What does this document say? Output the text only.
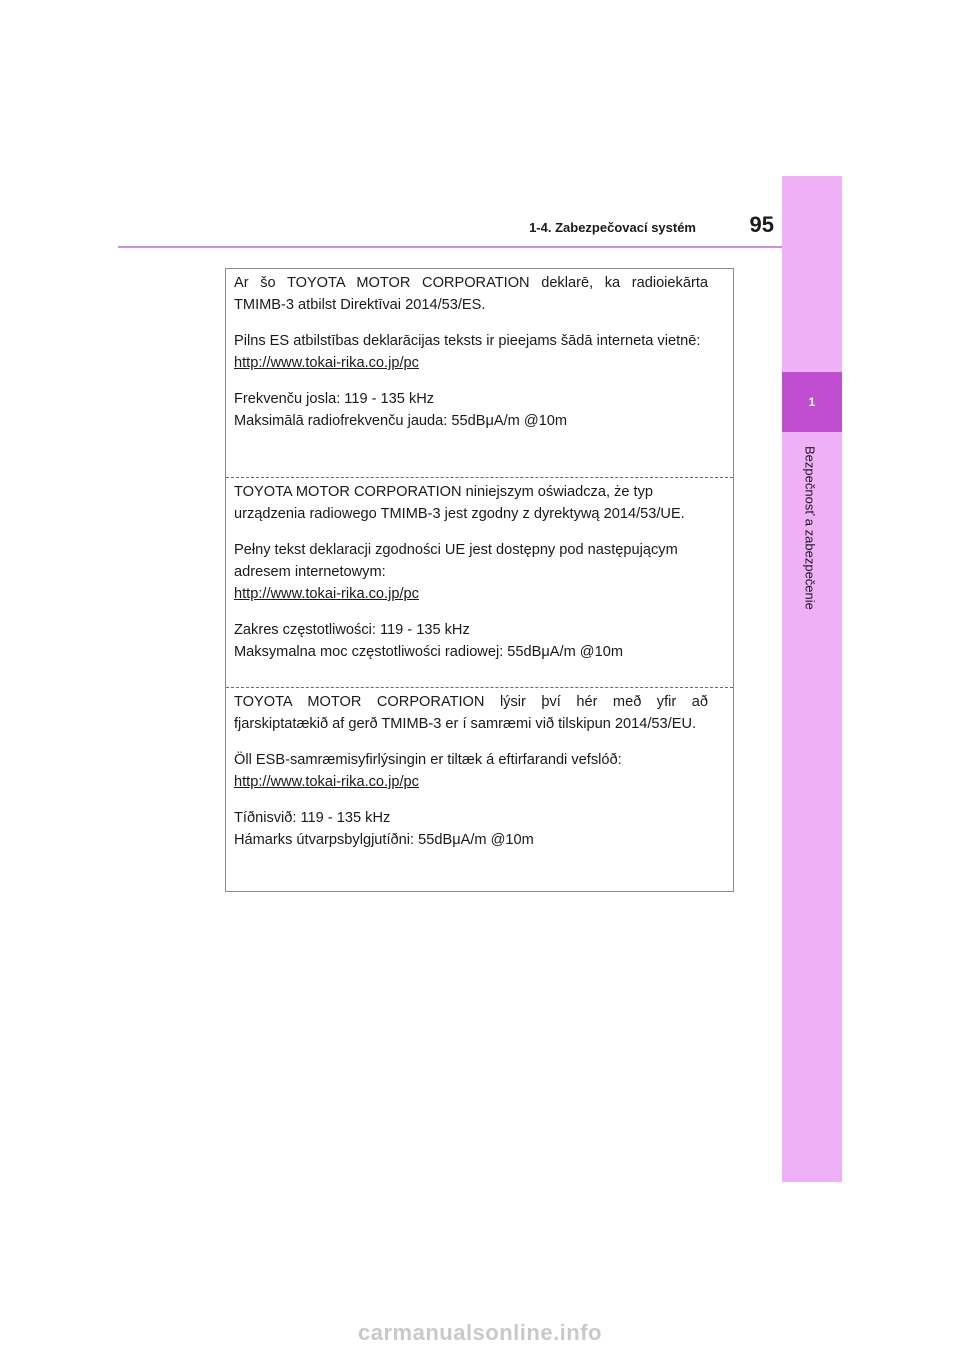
1-4. Zabezpečovací systém 95
1
Bezpečnosť a zabezpečenie

Ar šo TOYOTA MOTOR CORPORATION deklarē, ka radioiekārta TMIMB-3 atbilst Direktīvai 2014/53/ES.

Pilns ES atbilstības deklarācijas teksts ir pieejams šādā interneta vietnē:

http://www.tokai-rika.co.jp/pc

Frekvenču josla: 119 - 135 kHz
Maksimālā radiofrekvenču jauda: 55dBμA/m @10m

TOYOTA MOTOR CORPORATION niniejszym oświadcza, że typ
urządzenia radiowego TMIMB-3 jest zgodny z dyrektywą 2014/53/UE.

Pełny tekst deklaracji zgodności UE jest dostępny pod następującym
adresem internetowym:

http://www.tokai-rika.co.jp/pc

Zakres częstotliwości: 119 - 135 kHz
Maksymalna moc częstotliwości radiowej: 55dBμA/m @10m

TOYOTA MOTOR CORPORATION lýsir því hér með yfir að fjarskiptatækið af gerð TMIMB-3 er í samræmi við tilskipun 2014/53/EU.

Öll ESB-samræmisyfirlýsingin er tiltæk á eftirfarandi vefslóð:

http://www.tokai-rika.co.jp/pc

Tíðnisvið: 119 - 135 kHz
Hámarks útvarpsbylgjutíðni: 55dBμA/m @10m

carmanualsonline.info
